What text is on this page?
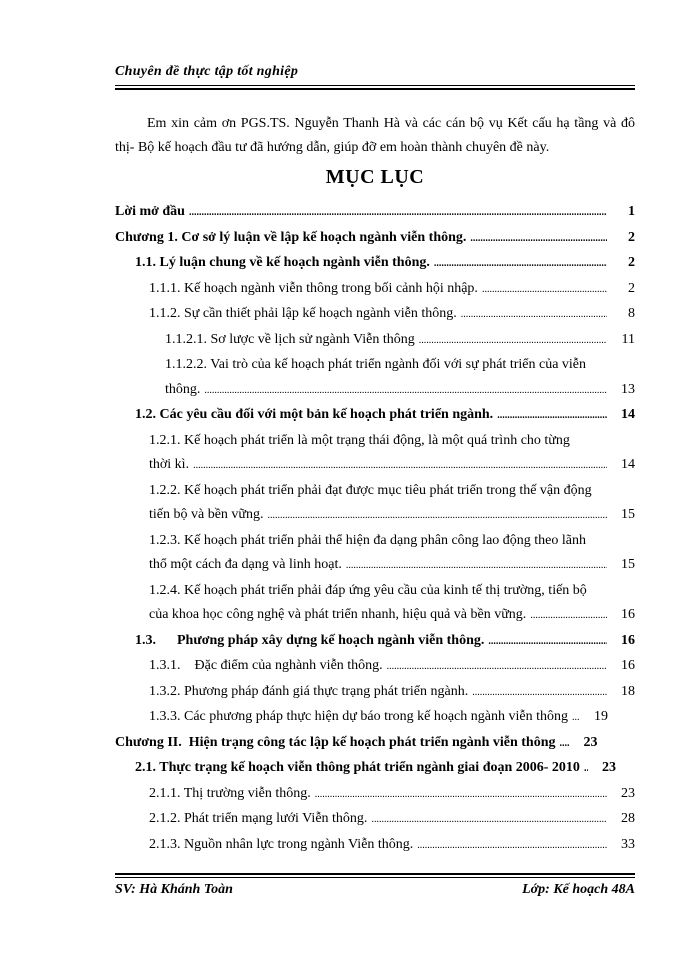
Chuyên đề thực tập tốt nghiệp
Em xin cảm ơn PGS.TS. Nguyễn Thanh Hà và các cán bộ vụ Kết cấu hạ tầng và đô thị- Bộ kế hoạch đầu tư đã hướng dẫn, giúp đỡ em hoàn thành chuyên đề này.
MỤC LỤC
Lời mở đầu .....	1
Chương 1. Cơ sở lý luận về lập kế hoạch ngành viễn thông. .....	2
1.1. Lý luận chung về kế hoạch ngành viễn thông. .....	2
1.1.1. Kế hoạch ngành viễn thông trong bối cảnh hội nhập. .....	2
1.1.2. Sự cần thiết phải lập kế hoạch ngành viễn thông. .....	8
1.1.2.1. Sơ lược về lịch sử ngành Viễn thông .....	11
1.1.2.2. Vai trò của kế hoạch phát triển ngành đối với sự phát triển của viễn
thông. .....	13
1.2. Các yêu cầu đối với một bản kế hoạch phát triển ngành. .....	14
1.2.1. Kế hoạch phát triển là một trạng thái động, là một quá trình cho từng
thời kì. .....	14
1.2.2. Kế hoạch phát triển phải đạt được mục tiêu phát triển trong thế vận động
tiến bộ và bền vững. .....	15
1.2.3. Kế hoạch phát triển phải thể hiện đa dạng phân công lao động theo lãnh
thổ một cách đa dạng và linh hoạt. .....	15
1.2.4. Kế hoạch phát triển phải đáp ứng yêu cầu của kinh tế thị trường, tiến bộ
của khoa học công nghệ và phát triển nhanh, hiệu quả và bền vững. .....	16
1.3.      Phương pháp xây dựng kế hoạch ngành viễn thông. .....	16
1.3.1.    Đặc điểm của nghành viễn thông. .....	16
1.3.2. Phương pháp đánh giá thực trạng phát triển ngành. .....	18
1.3.3. Các phương pháp thực hiện dự báo trong kế hoạch ngành viễn thông .....	19
Chương II.  Hiện trạng công tác lập kế hoạch phát triển ngành viễn thông .....	23
2.1. Thực trạng kế hoạch viễn thông phát triển ngành giai đoạn 2006- 2010 .....	23
2.1.1. Thị trường viễn thông. .....	23
2.1.2. Phát triển mạng lưới Viễn thông. .....	28
2.1.3. Nguồn nhân lực trong ngành Viễn thông. .....	33
SV: Hà Khánh Toàn	Lớp: Kế hoạch 48A
